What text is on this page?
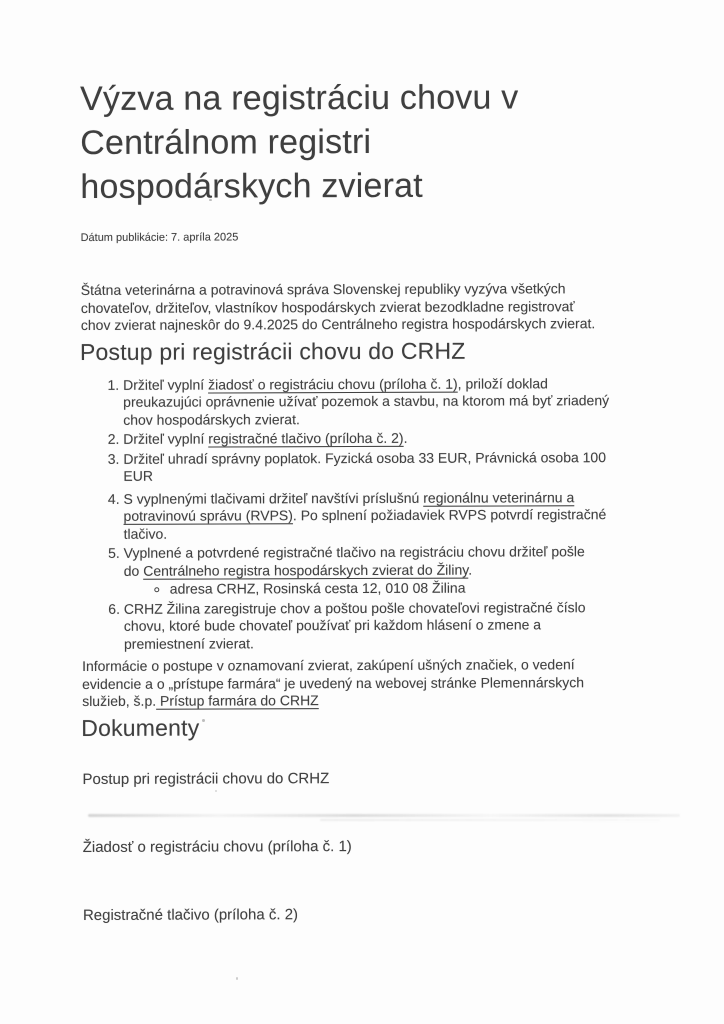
Výzva na registráciu chovu v
Centrálnom registri
hospodárskych zvierat
Dátum publikácie: 7. apríla 2025

Štátna veterinárna a potravinová správa Slovenskej republiky vyzýva všetkých
chovateľov, držiteľov, vlastníkov hospodárskych zvierat bezodkladne registrovať
chov zvierat najneskôr do 9.4.2025 do Centrálneho registra hospodárskych zvierat.

Postup pri registrácii chovu do CRHZ
1. Držiteľ vyplní žiadosť o registráciu chovu (príloha č. 1), priloží doklad
preukazujúci oprávnenie užívať pozemok a stavbu, na ktorom má byť zriadený
chov hospodárskych zvierat.
2. Držiteľ vyplní registračné tlačivo (príloha č. 2).
3. Držiteľ uhradí správny poplatok. Fyzická osoba 33 EUR, Právnická osoba 100
EUR
4. S vyplnenými tlačivami držiteľ navštívi príslušnú regionálnu veterinárnu a
potravinovú správu (RVPS). Po splnení požiadaviek RVPS potvrdí registračné
tlačivo.
5. Vyplnené a potvrdené registračné tlačivo na registráciu chovu držiteľ pošle
do Centrálneho registra hospodárskych zvierat do Žiliny.
◦ adresa CRHZ, Rosinská cesta 12, 010 08 Žilina
6. CRHZ Žilina zaregistruje chov a poštou pošle chovateľovi registračné číslo
chovu, ktoré bude chovateľ používať pri každom hlásení o zmene a
premiestnení zvierat.

Informácie o postupe v oznamovaní zvierat, zakúpení ušných značiek, o vedení
evidencie a o „prístupe farmára“ je uvedený na webovej stránke Plemennárskych
služieb, š.p. Prístup farmára do CRHZ

Dokumenty
Postup pri registrácii chovu do CRHZ
Žiadosť o registráciu chovu (príloha č. 1)
Registračné tlačivo (príloha č. 2)
